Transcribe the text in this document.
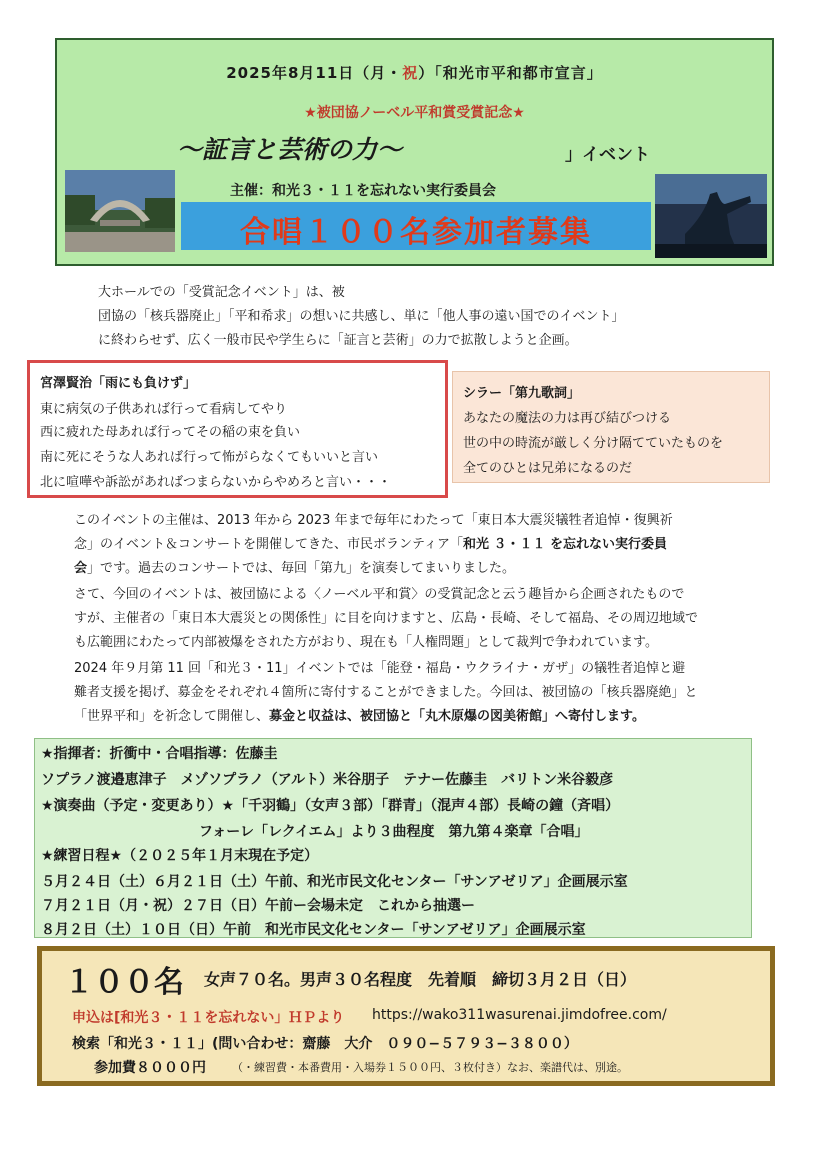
2025年8月11日（月・祝）「和光市平和都市宣言」
★被団協ノーベル平和賞受賞記念★
〜証言と芸術の力〜	」イベント
主催：和光３・１１を忘れない実行委員会
合唱１００名参加者募集
大ホールでの「受賞記念イベント」は、被
団協の「核兵器廃止」「平和希求」の想いに共感し、単に「他人事の遠い国でのイベント」
に終わらせず、広く一般市民や学生らに「証言と芸術」の力で拡散しようと企画。
宮澤賢治「雨にも負けず」
東に病気の子供あれば行って看病してやり
西に疲れた母あれば行ってその稲の束を負い
南に死にそうな人あれば行って怖がらなくてもいいと言い
北に喧嘩や訴訟があればつまらないからやめろと言い・・・
シラー「第九歌詞」
あなたの魔法の力は再び結びつける
世の中の時流が厳しく分け隔てていたものを
全てのひとは兄弟になるのだ
このイベントの主催は、2013 年から 2023 年まで毎年にわたって「東日本大震災犠牲者追悼・復興祈
念」のイベント＆コンサートを開催してきた、市民ボランティア「和光 ３・１１ を忘れない実行委員
会」です。過去のコンサートでは、毎回「第九」を演奏してまいりました。
さて、今回のイベントは、被団協による〈ノーベル平和賞〉の受賞記念と云う趣旨から企画されたもので
すが、主催者の「東日本大震災との関係性」に目を向けますと、広島・長崎、そして福島、その周辺地域で
も広範囲にわたって内部被爆をされた方がおり、現在も「人権問題」として裁判で争われています。
2024 年９月第 11 回「和光３・11」イベントでは「能登・福島・ウクライナ・ガザ」の犠牲者追悼と避
難者支援を掲げ、募金をそれぞれ４箇所に寄付することができました。今回は、被団協の「核兵器廃絶」と
「世界平和」を祈念して開催し、募金と収益は、被団協と「丸木原爆の図美術館」へ寄付します。
★指揮者：折衝中・合唱指導：佐藤圭
ソプラノ渡邉恵津子　メゾソプラノ（アルト）米谷朋子　テナー佐藤圭　バリトン米谷毅彦
★演奏曲（予定・変更あり）★「千羽鶴」（女声３部）「群青」（混声４部）長崎の鐘（斉唱）
フォーレ「レクイエム」より３曲程度　第九第４楽章「合唱」
★練習日程★（２０２５年１月末現在予定）
５月２４日（土）６月２１日（土）午前、和光市民文化センター「サンアゼリア」企画展示室
７月２１日（月・祝）２７日（日）午前ー会場未定　これから抽選ー
８月２日（土）１０日（日）午前　和光市民文化センター「サンアゼリア」企画展示室
１００名 女声７０名。男声３０名程度　先着順　締切３月２日（日）
申込は[和光３・１１を忘れない」ＨＰより https://wako311wasurenai.jimdofree.com/
検索「和光３・１１」(問い合わせ：齋藤　大介　０９０−５７９３−３８００）
参加費８０００円 （・練習費・本番費用・入場券１５００円、３枚付き）なお、楽譜代は、別途。
